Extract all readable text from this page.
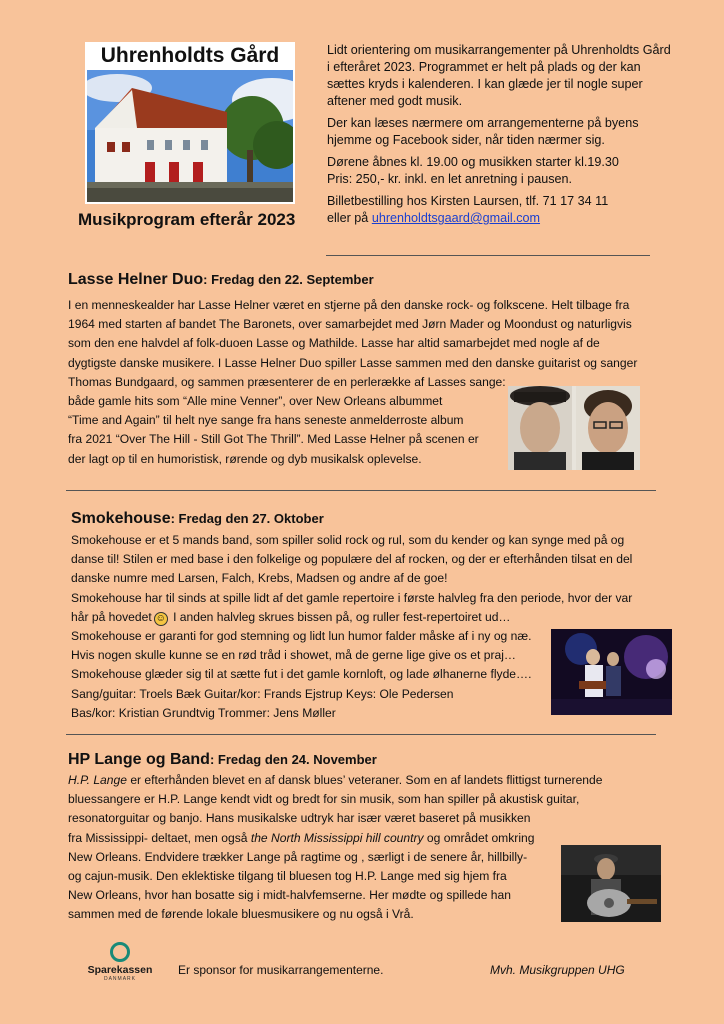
Uhrenholdts Gård
Musikprogram efterår 2023

Lidt orientering om musikarrangementer på Uhrenholdts Gård i efteråret 2023. Programmet er helt på plads og der kan sættes kryds i kalenderen. I kan glæde jer til nogle super aftener med godt musik.

Der kan læses nærmere om arrangementerne på byens hjemme og Facebook sider, når tiden nærmer sig.

Dørene åbnes kl. 19.00 og musikken starter kl.19.30
Pris: 250,- kr. inkl. en let anretning i pausen.

Billetbestilling hos Kirsten Laursen, tlf. 71 17 34 11
eller på uhrenholdtsgaard@gmail.com

Lasse Helner Duo: Fredag den 22. September
I en menneskealder har Lasse Helner været en stjerne på den danske rock- og folkscene. Helt tilbage fra
1964 med starten af bandet The Baronets, over samarbejdet med Jørn Mader og Moondust og naturligvis
som den ene halvdel af folk-duoen Lasse og Mathilde. Lasse har altid samarbejdet med nogle af de
dygtigste danske musikere. I Lasse Helner Duo spiller Lasse sammen med den danske guitarist og sanger
Thomas Bundgaard, og sammen præsenterer de en perlerække af Lasses sange:
både gamle hits som “Alle mine Venner”, over New Orleans albummet
“Time and Again” til helt nye sange fra hans seneste anmelderroste album
fra 2021 “Over The Hill - Still Got The Thrill”. Med Lasse Helner på scenen er
der lagt op til en humoristisk, rørende og dyb musikalsk oplevelse.
Smokehouse: Fredag den 27. Oktober
Smokehouse er et 5 mands band, som spiller solid rock og rul, som du kender og kan synge med på og
danse til! Stilen er med base i den folkelige og populære del af rocken, og der er efterhånden tilsat en del
danske numre med Larsen, Falch, Krebs, Madsen og andre af de goe!
Smokehouse har til sinds at spille lidt af det gamle repertoire i første halvleg fra den periode, hvor der var
hår på hovedet ☺ I anden halvleg skrues bissen på, og ruller fest-repertoiret ud…
Smokehouse er garanti for god stemning og lidt lun humor falder måske af i ny og næ.
Hvis nogen skulle kunne se en rød tråd i showet, må de gerne lige give os et praj…
Smokehouse glæder sig til at sætte fut i det gamle kornloft, og lade ølhanerne flyde….
Sang/guitar: Troels Bæk Guitar/kor: Frands Ejstrup Keys: Ole Pedersen
Bas/kor: Kristian Grundtvig Trommer: Jens Møller
HP Lange og Band: Fredag den 24. November
H.P. Lange er efterhånden blevet en af dansk blues’ veteraner. Som en af landets flittigst turnerende
bluessangere er H.P. Lange kendt vidt og bredt for sin musik, som han spiller på akustisk guitar,
resonatorguitar og banjo. Hans musikalske udtryk har især været baseret på musikken
fra Mississippi- deltaet, men også the North Mississippi hill country og området omkring
New Orleans. Endvidere trækker Lange på ragtime og , særligt i de senere år, hillbilly-
og cajun-musik. Den eklektiske tilgang til bluesen tog H.P. Lange med sig hjem fra
New Orleans, hvor han bosatte sig i midt-halvfemserne. Her mødte og spillede han
sammen med de førende lokale bluesmusikere og nu også i Vrå.
Sparekassen
DANMARK
Er sponsor for musikarrangementerne.	Mvh. Musikgruppen UHG
